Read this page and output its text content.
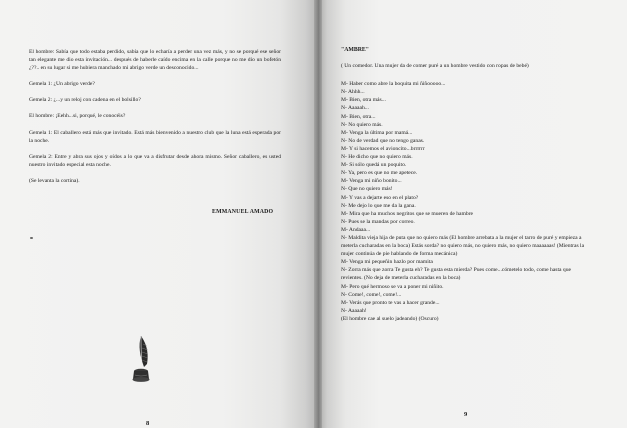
El hombre: Sabía que todo estaba perdido, sabía que lo echaría a perder una vez más, y no se porqué ese señor tan elegante me dio esta invitación... después de haberle caído encima en la calle porque no me dio un bofetón ¿??.. en su lugar si me hubiera manchado mi abrigo verde un desconocido...

Gemela 1: ¿Un abrigo verde?

Gemela 2: ¿...y un reloj con cadena en el bolsillo?

El hombre: ¡Eehh...si, porqué, le conocéis?

Gemela 1: El caballero está más que invitado. Está más bienvenido a nuestro club que la luna está esperada por la noche.

Gemela 2: Entre y abra sus ojos y oídos a lo que va a disfrutar desde ahora mismo. Señor caballero, es usted nuestro invitado especial esta noche.

(Se levanta la cortina).

EMMANUEL AMADO
8
"AMBRE"
( Un comedor. Una mujer da de comer puré a un hombre vestido con ropas de bebé)
M- Haber como abre la boquita mi ñiñooooo...
N- Ahhh...
M- Bien, otra más...
N- Aaaaah...
M- Bien, otra...
N- No quiero más.
M- Venga la última por mamá...
N- No de verdad que no tengo ganas.
M- Y si hacemos el avioncito...brrrrrr
N- He dicho que no quiero más.
M- Si sólo quedá un poquito.
N- Ya, pero es que no me apetece.
M- Venga mi niño bonito...
N- Que no quiero más!
M- Y vas a dejarte eso en el plato?
N- Me dejo lo que me da la gana.
M- Mira que ha muchos negritos que se mueren de hambre
N- Pues se la mandas por correo.
M- Andaaa...
N- Maldita vieja hija de puta que no quiero más (El hombre arrebata a la mujer el tarro de puré y empieza a meterla cucharadas en la boca) Estás sorda? no quiero más, no quiero más, no quiero maaaaaas! (Mientras la mujer continúa de pie hablando de forma mecánica)
M- Venga mi pequeñin hazlo por mamita
N- Zorra más que zorra Te gusta eh? Te gusta esta mierda? Pues come...cómetelo todo, come hasta que revientes. (No deja de meterla cucharadas en la boca)
M- Pero qué hermoso se va a poner mi niñito.
N- Come!, come!, come!...
M- Verás que pronto te vas a hacer grande...
N- Aaaaah!
(El hombre cae al suelo jadeando) (Oscuro)
9
